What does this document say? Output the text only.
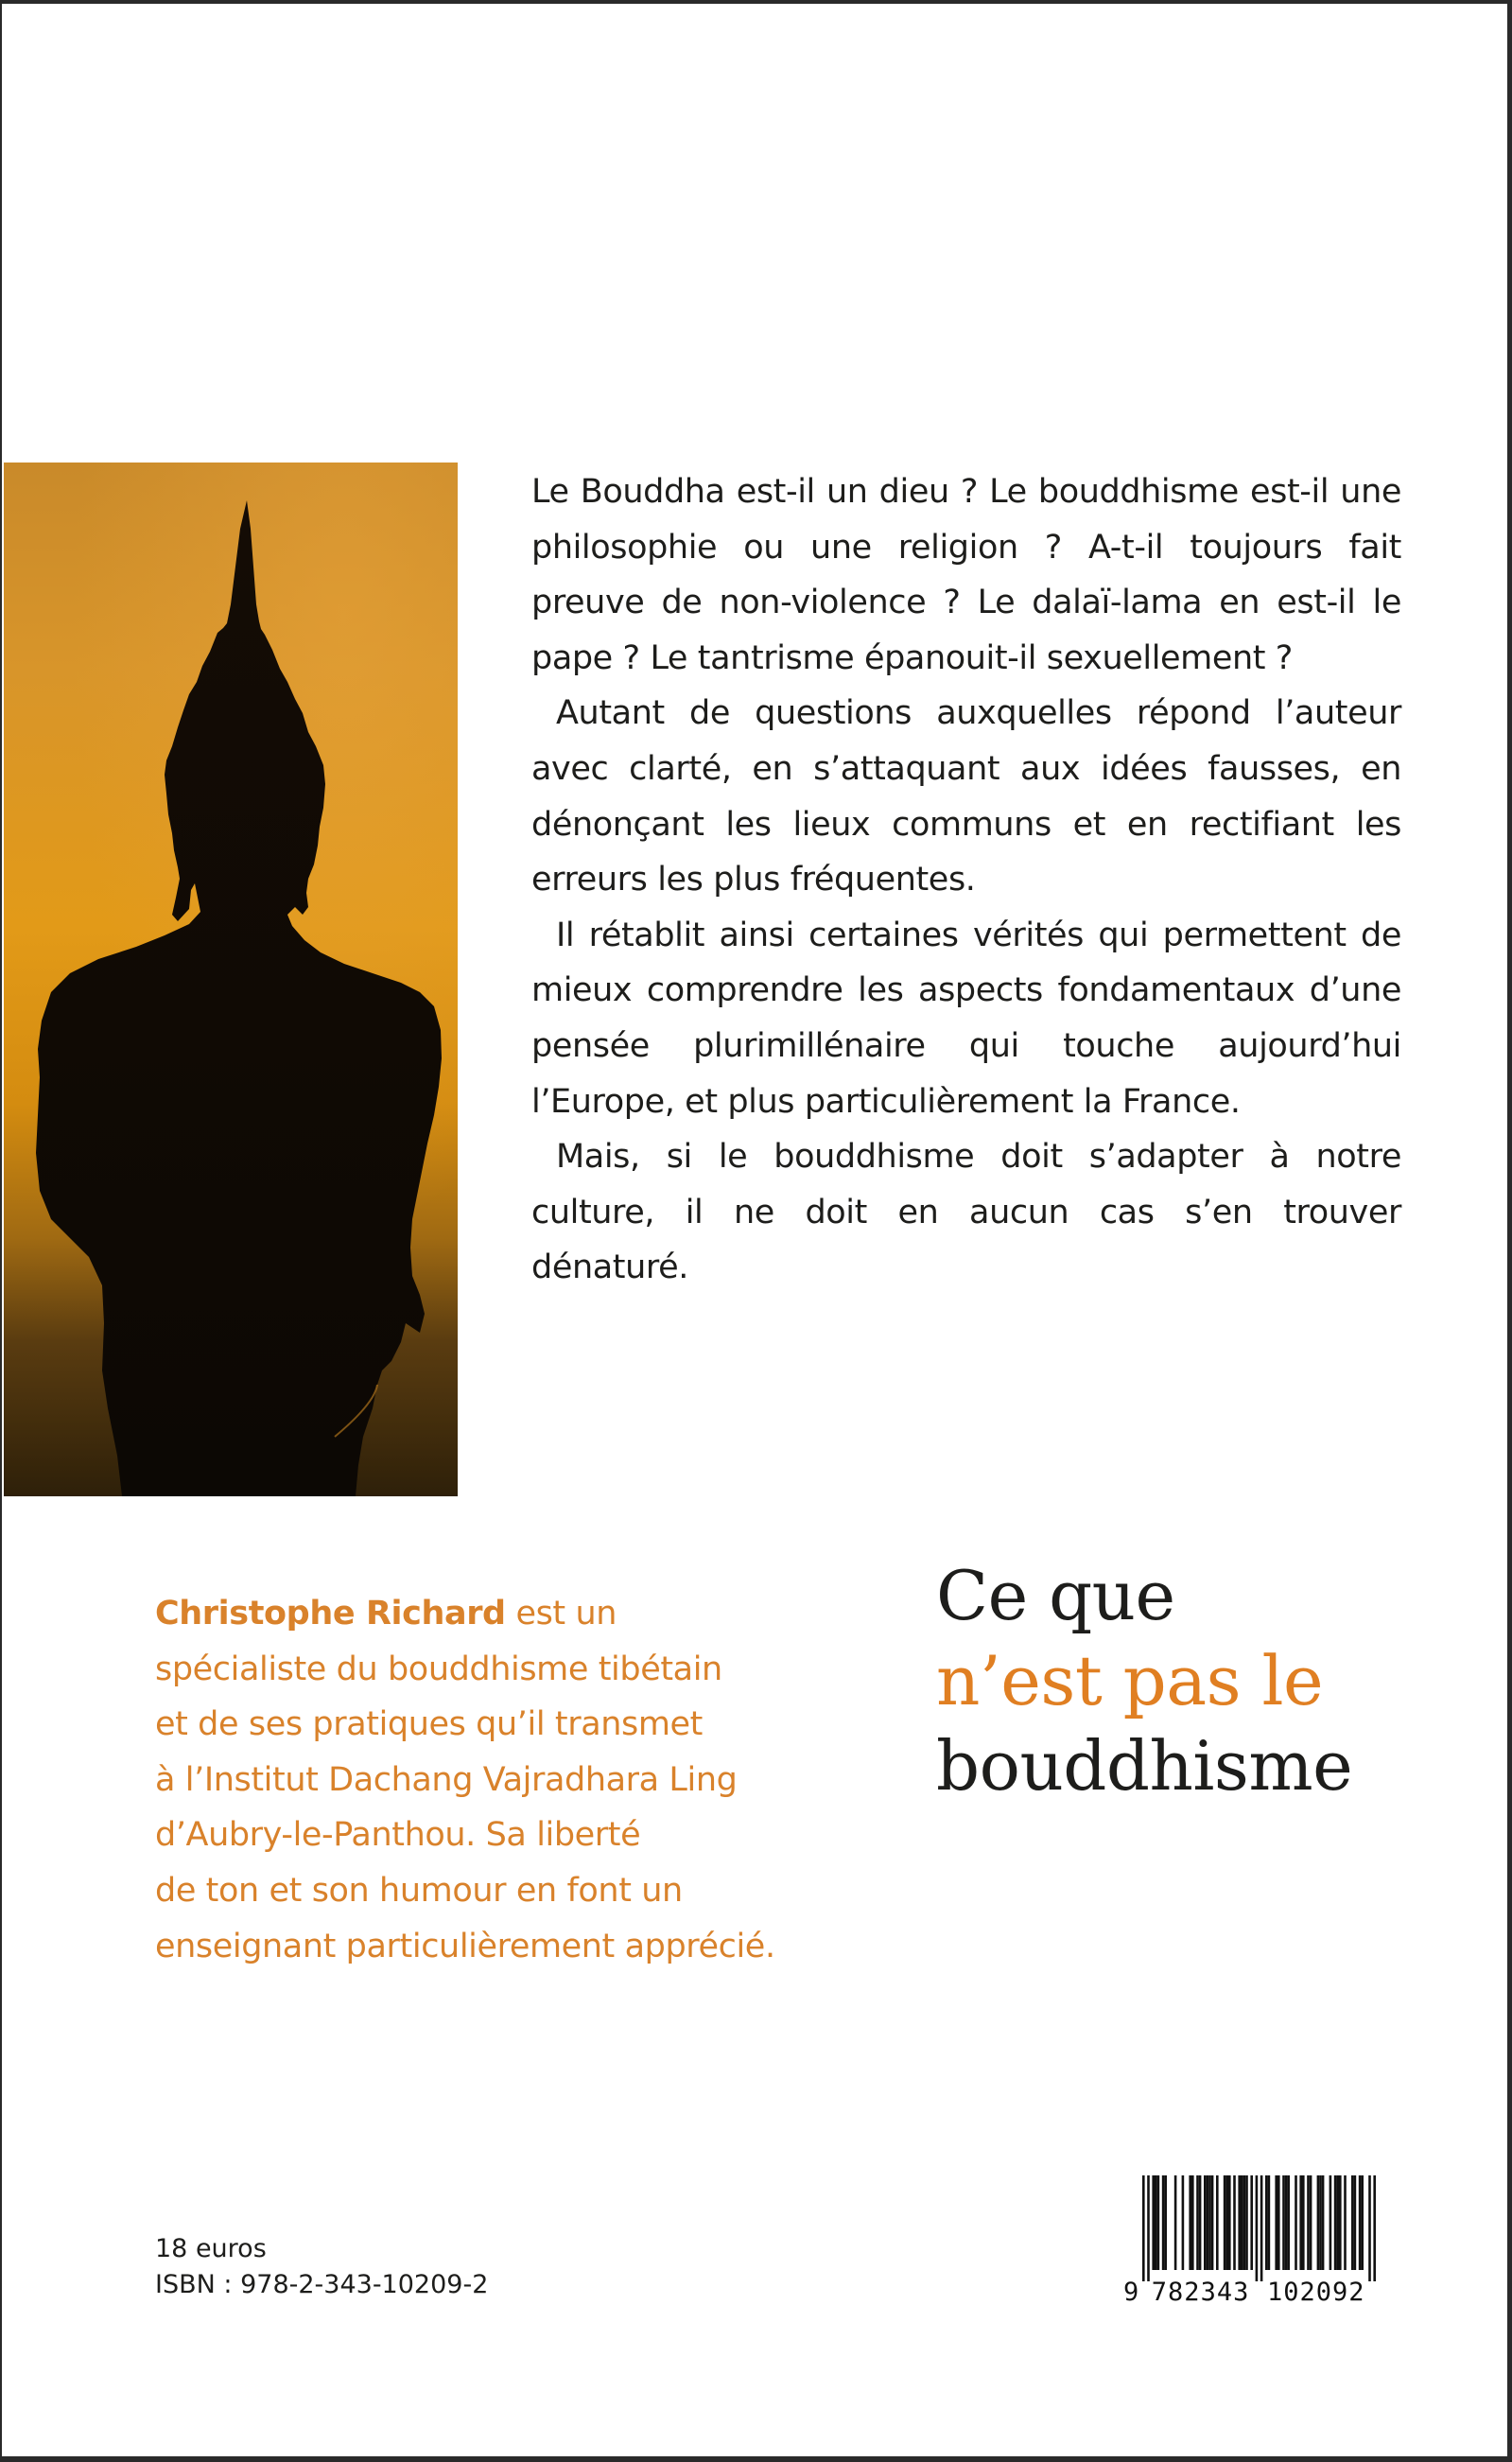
Le Bouddha est-il un dieu ? Le bouddhisme est-il une philosophie ou une religion ? A-t-il toujours fait preuve de non-violence ? Le dalaï-lama en est-il le pape ? Le tantrisme épanouit-il sexuellement ?

Autant de questions auxquelles répond l’auteur avec clarté, en s’attaquant aux idées fausses, en dénonçant les lieux communs et en rectifiant les erreurs les plus fréquentes.

Il rétablit ainsi certaines vérités qui permettent de mieux comprendre les aspects fondamentaux d’une pensée plurimillénaire qui touche aujourd’hui l’Europe, et plus particulièrement la France.

Mais, si le bouddhisme doit s’adapter à notre culture, il ne doit en aucun cas s’en trouver dénaturé.

Christophe Richard est un
spécialiste du bouddhisme tibétain
et de ses pratiques qu’il transmet
à l’Institut Dachang Vajradhara Ling
d’Aubry-le-Panthou. Sa liberté
de ton et son humour en font un
enseignant particulièrement apprécié.
Ce que
n’est pas le
bouddhisme
18 euros
ISBN : 978-2-343-10209-2	9 782343 102092
